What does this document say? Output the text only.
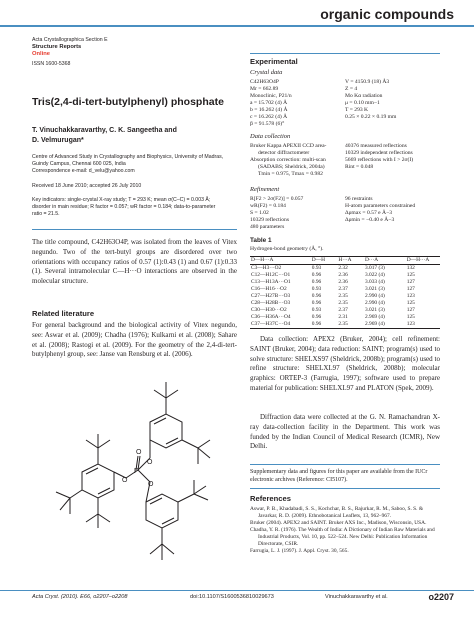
organic compounds
Acta Crystallographica Section E
Structure Reports
Online
ISSN 1600-5368
Tris(2,4-di-tert-butylphenyl) phosphate
T. Vinuchakkaravarthy, C. K. Sangeetha and
D. Velmurugan*
Centre of Advanced Study in Crystallography and Biophysics, University of Madras,
Guindy Campus, Chennai 600 025, India
Correspondence e-mail: d_velu@yahoo.com
Received 18 June 2010; accepted 26 July 2010
Key indicators: single-crystal X-ray study; T = 293 K; mean σ(C–C) = 0.003 Å;
disorder in main residue; R factor = 0.057; wR factor = 0.184; data-to-parameter
ratio = 21.5.
The title compound, C42H63O4P, was isolated from the leaves of Vitex negundo. Two of the tert-butyl groups are disordered over two orientations with occupancy ratios of 0.57 (1):0.43 (1) and 0.67 (1):0.33 (1). Several intramolecular C—H···O interactions are observed in the molecular structure.
Related literature
For general background and the biological activity of Vitex negundo, see: Aswar et al. (2009); Chadha (1976); Kulkarni et al. (2008); Sahare et al. (2008); Rastogi et al. (2009). For the geometry of the 2,4-di-tert-butylphenyl group, see: Janse van Rensburg et al. (2006).
P
O
O
O
O
Experimental
Crystal data
C42H63O4P
Mr = 662.89
Monoclinic, P21/n
a = 15.702 (4) Å
b = 16.262 (4) Å
c = 16.262 (4) Å
β = 91.578 (6)°
V = 4150.9 (18) Å3
Z = 4
Mo Kα radiation
μ = 0.10 mm−1
T = 293 K
0.25 × 0.22 × 0.19 mm
Data collection
Bruker Kappa APEXII CCD area-
detector diffractometer
Absorption correction: multi-scan
(SADABS; Sheldrick, 2004a)
Tmin = 0.975, Tmax = 0.982
40376 measured reflections
10329 independent reflections
5669 reflections with I > 2σ(I)
Rint = 0.048
Refinement
R[F2 > 2σ(F2)] = 0.057
wR(F2) = 0.184
S = 1.02
10329 reflections
480 parameters
96 restraints
H-atom parameters constrained
Δρmax = 0.57 e Å−3
Δρmin = −0.40 e Å−3
Table 1
Hydrogen-bond geometry (Å, °).
D—H···A	D—H	H···A	D···A	D—H···A
C3—H3···O2	0.93	2.32	3.017 (3)	132
C12—H12C···O1	0.96	2.36	3.022 (4)	125
C13—H13A···O1	0.96	2.36	3.033 (4)	127
C16—H16···O2	0.93	2.37	3.021 (3)	127
C27—H27B···O3	0.96	2.35	2.990 (4)	123
C28—H28B···O3	0.96	2.35	2.990 (4)	125
C30—H30···O2	0.93	2.37	3.021 (3)	127
C36—H36A···O4	0.96	2.31	2.969 (4)	125
C37—H37C···O4	0.96	2.35	2.969 (4)	123
Data collection: APEX2 (Bruker, 2004); cell refinement: SAINT (Bruker, 2004); data reduction: SAINT; program(s) used to solve structure: SHELXS97 (Sheldrick, 2008b); program(s) used to refine structure: SHELXL97 (Sheldrick, 2008b); molecular graphics: ORTEP-3 (Farrugia, 1997); software used to prepare material for publication: SHELXL97 and PLATON (Spek, 2009).
Diffraction data were collected at the G. N. Ramachandran X-ray data-collection facility in the Department. This work was funded by the Indian Council of Medical Research (ICMR), New Delhi.
Supplementary data and figures for this paper are available from the IUCr electronic archives (Reference: CI5107).
References
Aswar, P. B., Khadabadi, S. S., Kochchar, B. S., Rajurkar, R. M., Saboo, S. S. & Javarkar, R. D. (2009). Ethnobotanical Leaflets, 13, 962–967.
Bruker (2004). APEX2 and SAINT. Bruker AXS Inc., Madison, Wisconsin, USA.
Chadha, Y. R. (1976). The Wealth of India: A Dictionary of Indian Raw Materials and Industrial Products, Vol. 10, pp. 522–524. New Delhi: Publication Information Directorate, CSIR.
Farrugia, L. J. (1997). J. Appl. Cryst. 30, 565.
Acta Cryst. (2010). E66, o2207–o2208	doi:10.1107/S1600536810029673	Vinuchakkaravarthy et al.	o2207
